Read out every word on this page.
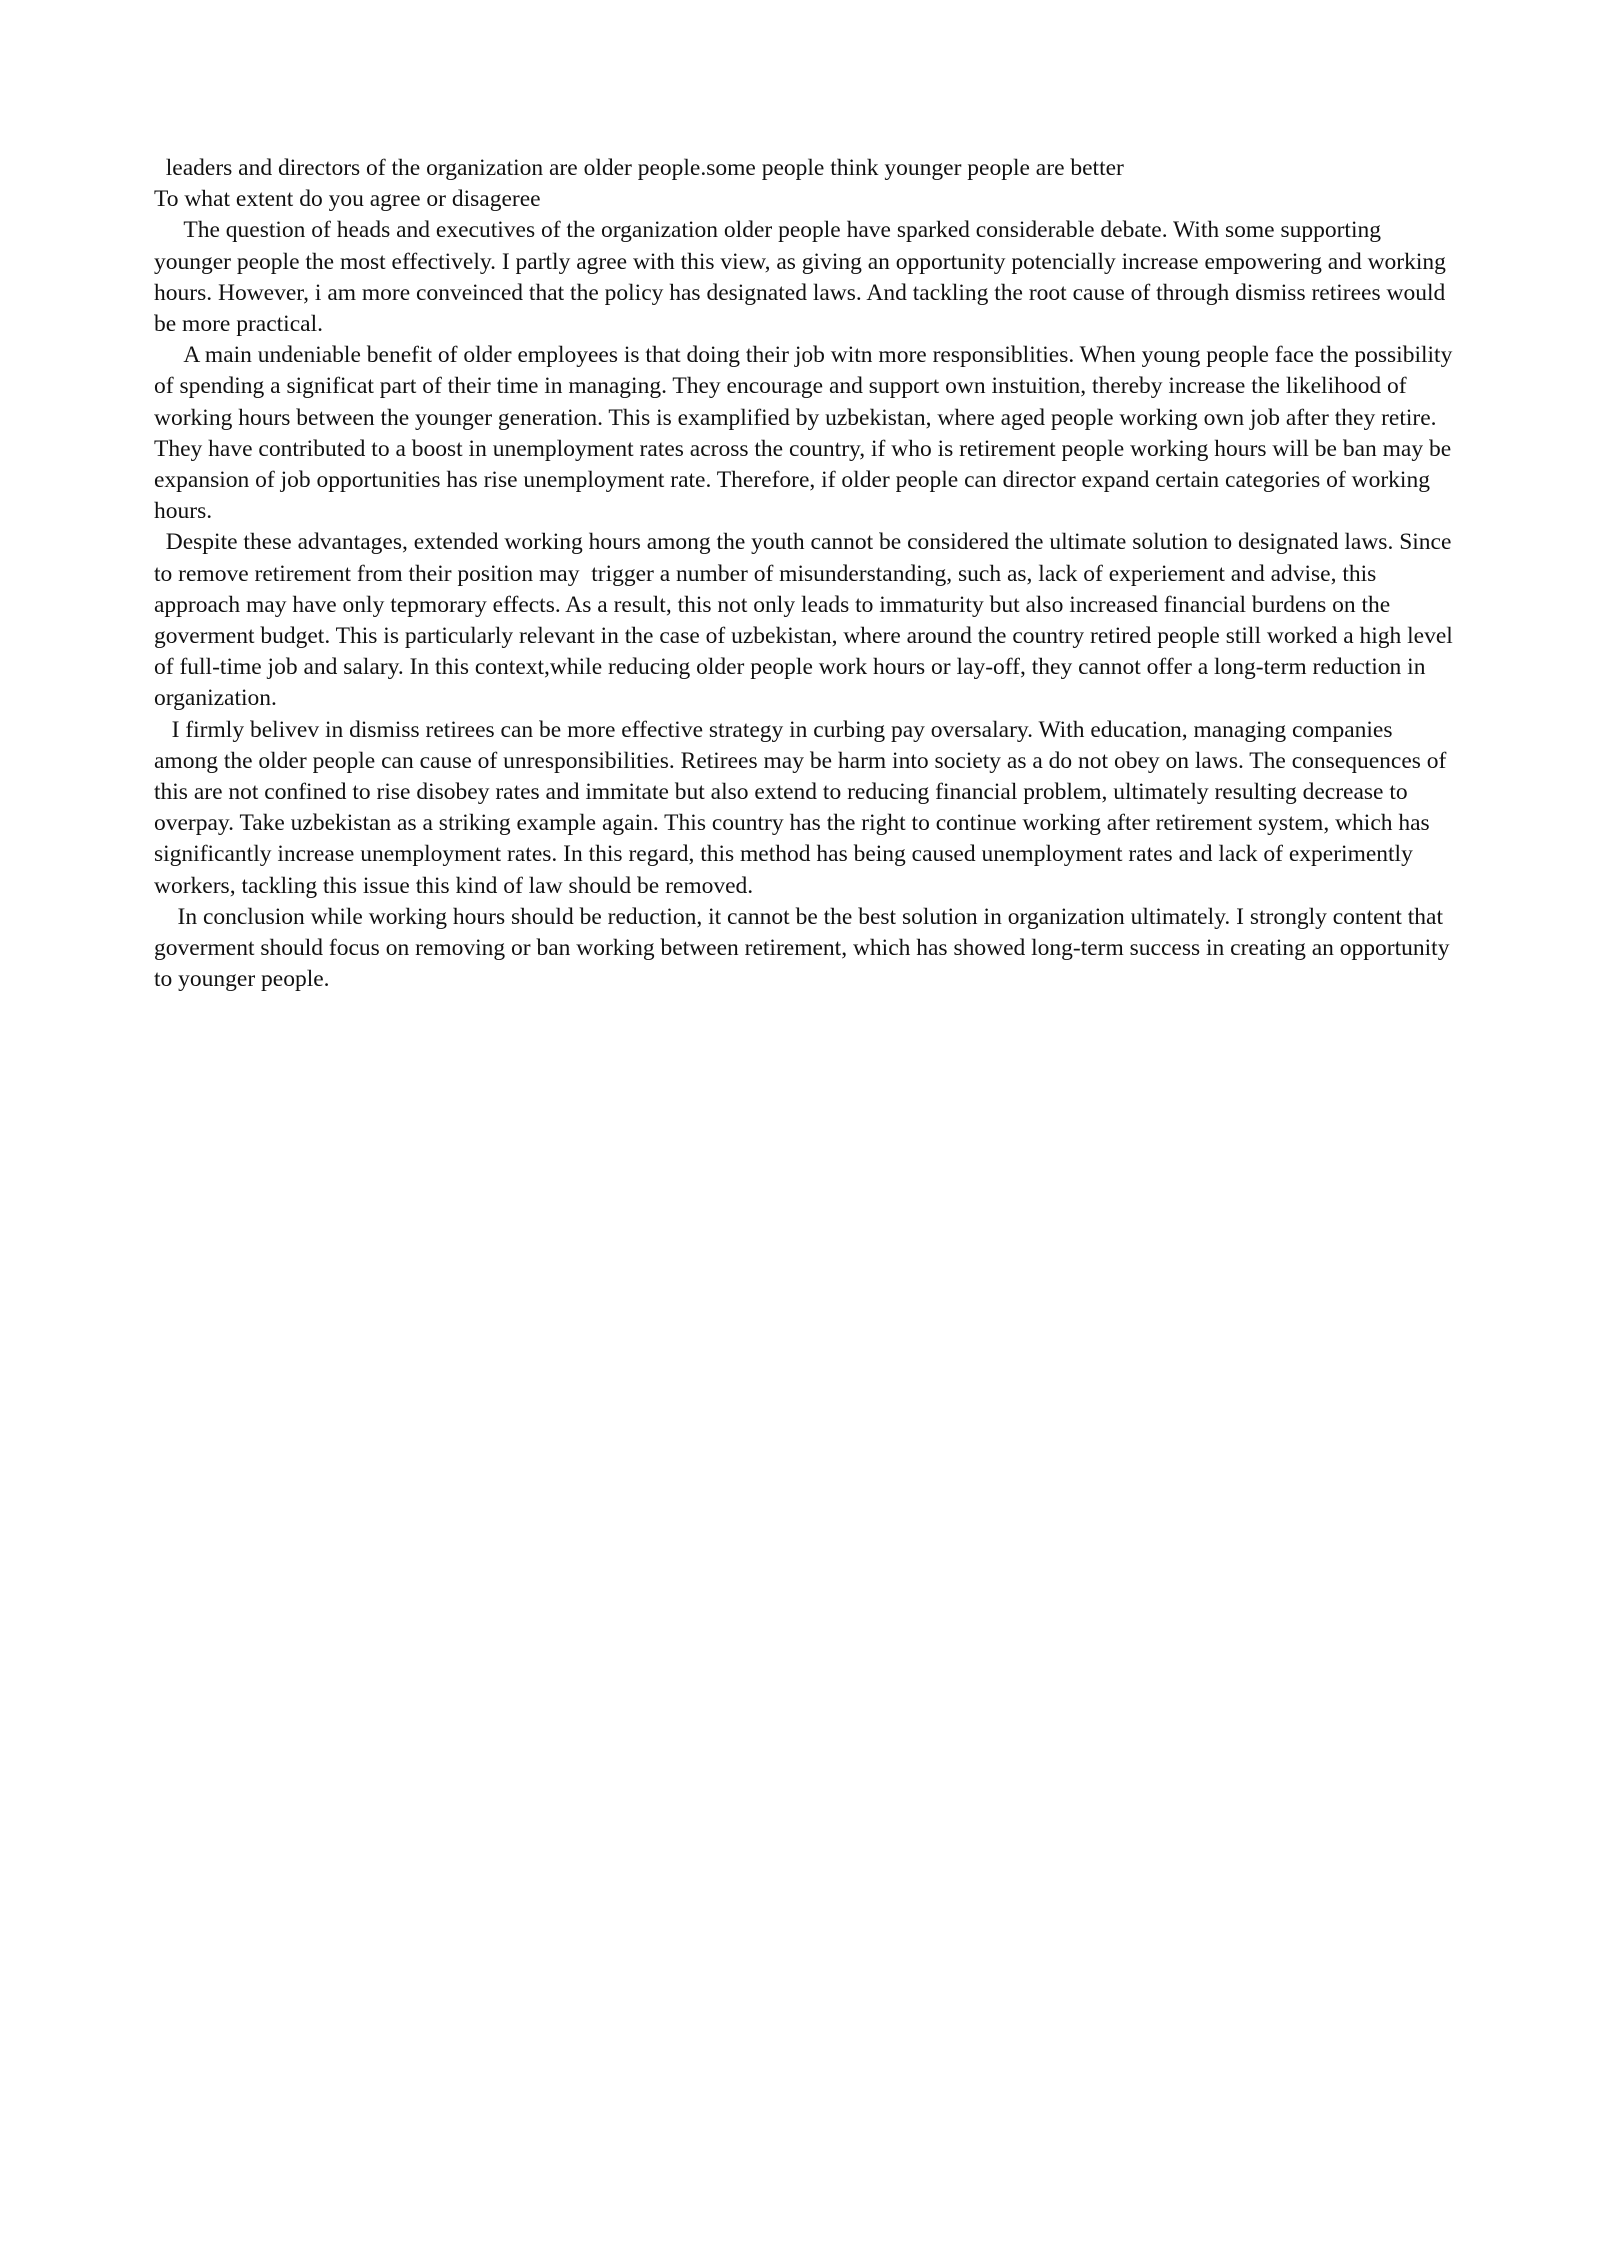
leaders and directors of the organization are older people.some people think younger people are better

To what extent do you agree or disageree

The question of heads and executives of the organization older people have sparked considerable debate. With some supporting younger people the most effectively. I partly agree with this view, as giving an opportunity potencially increase empowering and working hours. However, i am more conveinced that the policy has designated laws. And tackling the root cause of through dismiss retirees would be more practical.

A main undeniable benefit of older employees is that doing their job witn more responsiblities. When young people face the possibility of spending a significat part of their time in managing. They encourage and support own instuition, thereby increase the likelihood of working hours between the younger generation. This is examplified by uzbekistan, where aged people working own job after they retire. They have contributed to a boost in unemployment rates across the country, if who is retirement people working hours will be ban may be expansion of job opportunities has rise unemployment rate. Therefore, if older people can director expand certain categories of working hours.

Despite these advantages, extended working hours among the youth cannot be considered the ultimate solution to designated laws. Since to remove retirement from their position may  trigger a number of misunderstanding, such as, lack of experiement and advise, this approach may have only tepmorary effects. As a result, this not only leads to immaturity but also increased financial burdens on the goverment budget. This is particularly relevant in the case of uzbekistan, where around the country retired people still worked a high level of full-time job and salary. In this context,while reducing older people work hours or lay-off, they cannot offer a long-term reduction in organization.

I firmly belivev in dismiss retirees can be more effective strategy in curbing pay oversalary. With education, managing companies among the older people can cause of unresponsibilities. Retirees may be harm into society as a do not obey on laws. The consequences of this are not confined to rise disobey rates and immitate but also extend to reducing financial problem, ultimately resulting decrease to overpay. Take uzbekistan as a striking example again. This country has the right to continue working after retirement system, which has significantly increase unemployment rates. In this regard, this method has being caused unemployment rates and lack of experimently workers, tackling this issue this kind of law should be removed.

In conclusion while working hours should be reduction, it cannot be the best solution in organization ultimately. I strongly content that goverment should focus on removing or ban working between retirement, which has showed long-term success in creating an opportunity to younger people.
